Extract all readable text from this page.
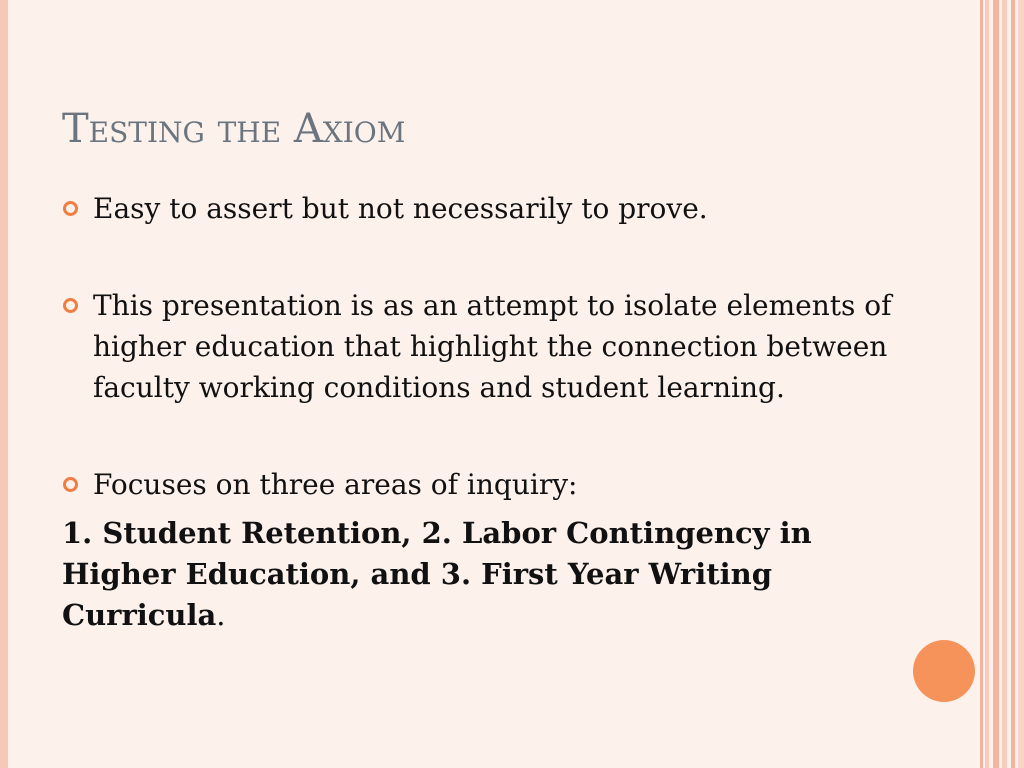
Testing the Axiom
Easy to assert but not necessarily to prove.
This presentation is as an attempt to isolate elements of higher education that highlight the connection between faculty working conditions and student learning.
Focuses on three areas of inquiry:
1. Student Retention, 2. Labor Contingency in Higher Education, and 3. First Year Writing Curricula.
